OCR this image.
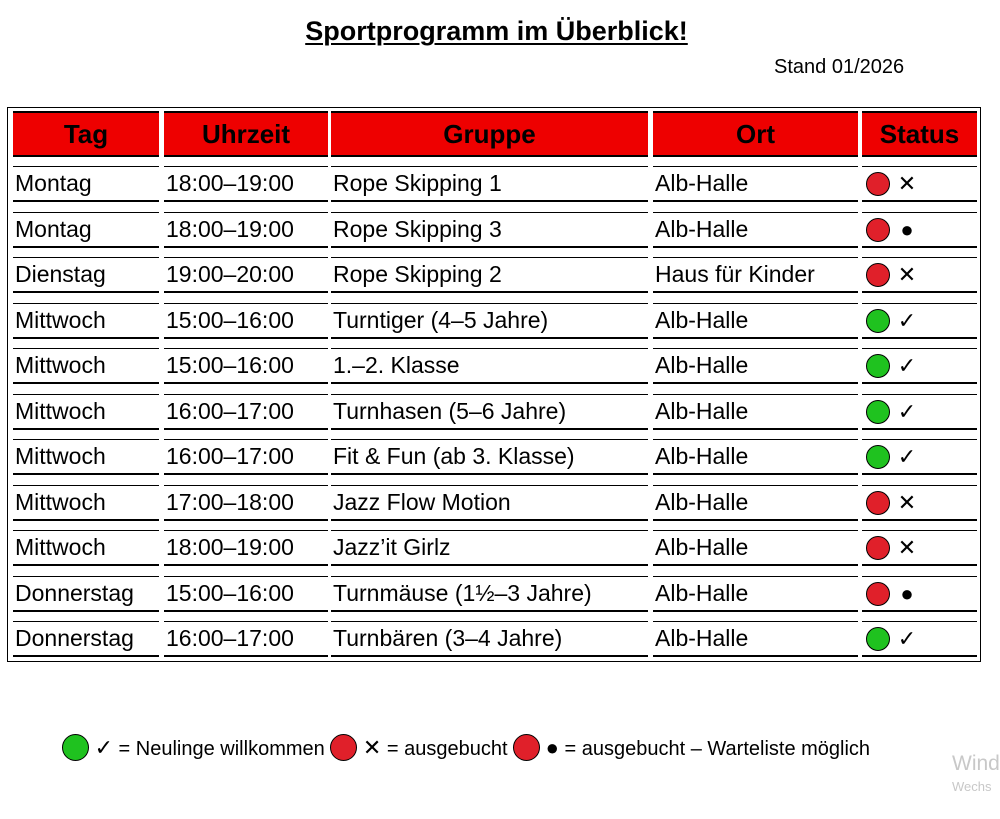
Sportprogramm im Überblick!
Stand 01/2026
Tag	Uhrzeit	Gruppe	Ort	Status
Montag	18:00–19:00	Rope Skipping 1	Alb-Halle	✕
Montag	18:00–19:00	Rope Skipping 3	Alb-Halle	●
Dienstag	19:00–20:00	Rope Skipping 2	Haus für Kinder	✕
Mittwoch	15:00–16:00	Turntiger (4–5 Jahre)	Alb-Halle	✓
Mittwoch	15:00–16:00	1.–2. Klasse	Alb-Halle	✓
Mittwoch	16:00–17:00	Turnhasen (5–6 Jahre)	Alb-Halle	✓
Mittwoch	16:00–17:00	Fit & Fun (ab 3. Klasse)	Alb-Halle	✓
Mittwoch	17:00–18:00	Jazz Flow Motion	Alb-Halle	✕
Mittwoch	18:00–19:00	Jazz’it Girlz	Alb-Halle	✕
Donnerstag	15:00–16:00	Turnmäuse (1½–3 Jahre)	Alb-Halle	●
Donnerstag	16:00–17:00	Turnbären (3–4 Jahre)	Alb-Halle	✓
✓ = Neulinge willkommen ✕ = ausgebucht  ● = ausgebucht – Warteliste möglich
Wind
Wechs
